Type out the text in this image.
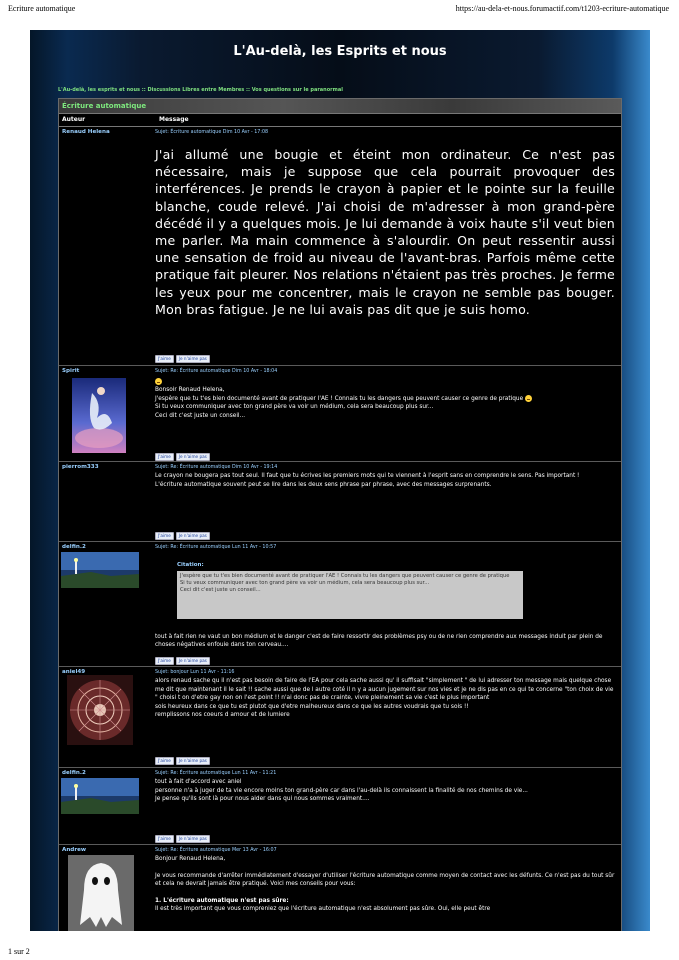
Ecriture automatique	https://au-dela-et-nous.forumactif.com/t1203-ecriture-automatique
1 sur 2
L'Au-delà, les Esprits et nous
L'Au-delà, les esprits et nous :: Discussions Libres entre Membres :: Vos questions sur le paranormal
Écriture automatique
Auteur	Message
Renaud Helena	Sujet: Écriture automatique Dim 10 Avr - 17:08

J'ai allumé une bougie et éteint mon ordinateur. Ce n'est pas nécessaire, mais je suppose que cela pourrait provoquer des interférences. Je prends le crayon à papier et le pointe sur la feuille blanche, coude relevé. J'ai choisi de m'adresser à mon grand-père décédé il y a quelques mois. Je lui demande à voix haute s'il veut bien me parler. Ma main commence à s'alourdir. On peut ressentir aussi une sensation de froid au niveau de l'avant-bras. Parfois même cette pratique fait pleurer. Nos relations n'étaient pas très proches. Je ferme les yeux pour me concentrer, mais le crayon ne semble pas bouger. Mon bras fatigue. Je ne lui avais pas dit que je suis homo.

J'aime Je n'aime pas
Spirit	Sujet: Re: Écriture automatique Dim 10 Avr - 18:04

Bonsoir Renaud Helena,

J'espère que tu t'es bien documenté avant de pratiquer l'AE ! Connais tu les dangers que peuvent causer ce genre de pratique

Si tu veux communiquer avec ton grand père va voir un médium, cela sera beaucoup plus sur...

Ceci dit c'est juste un conseil...

J'aime Je n'aime pas
pierrom333	Sujet: Re: Écriture automatique Dim 10 Avr - 19:14

Le crayon ne bougera pas tout seul. Il faut que tu écrives les premiers mots qui te viennent à l'esprit sans en comprendre le sens. Pas important !

L'écriture automatique souvent peut se lire dans les deux sens phrase par phrase, avec des messages surprenants.

J'aime Je n'aime pas
delfin.2	Sujet: Re: Écriture automatique Lun 11 Avr - 10:57
Citation:
J'espère que tu t'es bien documenté avant de pratiquer l'AE ! Connais tu les dangers que peuvent causer ce genre de pratique
Si tu veux communiquer avec ton grand père va voir un médium, cela sera beaucoup plus sur...
Ceci dit c'est juste un conseil...

tout à fait rien ne vaut un bon médium et le danger c'est de faire ressortir des problèmes psy ou de ne rien comprendre aux messages induit par plein de choses négatives enfouie dans ton cerveau....

J'aime Je n'aime pas
aniel49	Sujet: bonjour Lun 11 Avr - 11:16

alors renaud sache qu il n'est pas besoin de faire de l'EA pour cela sache aussi qu' il suffisait "simplement " de lui adresser ton message mais quelque chose me dit que maintenant il le sait !! sache aussi que de l autre coté il n y a aucun jugement sur nos vies et je ne dis pas en ce qui te concerne "ton choix de vie " choisi t on d'etre gay non on l'est point !! n'ai donc pas de crainte, vivre pleinement sa vie c'est le plus important

sois heureux dans ce que tu est plutot que d'etre malheureux dans ce que les autres voudrais que tu sois !!

remplissons nos coeurs d amour et de lumiere

J'aime Je n'aime pas
delfin.2	Sujet: Re: Écriture automatique Lun 11 Avr - 11:21

tout à fait d'accord avec aniel

personne n'a à juger de ta vie encore moins ton grand-père car dans l'au-delà ils connaissent la finalité de nos chemins de vie...

Je pense qu'ils sont là pour nous aider dans qui nous sommes vraiment....

J'aime Je n'aime pas
Andrew	Sujet: Re: Écriture automatique Mer 13 Avr - 16:07

Bonjour Renaud Helena,

Je vous recommande d'arrêter immédiatement d'essayer d'utiliser l'écriture automatique comme moyen de contact avec les défunts. Ce n'est pas du tout sûr et cela ne devrait jamais être pratiqué. Voici mes conseils pour vous:

1. L'écriture automatique n'est pas sûre:

Il est très important que vous compreniez que l'écriture automatique n'est absolument pas sûre. Oui, elle peut être
